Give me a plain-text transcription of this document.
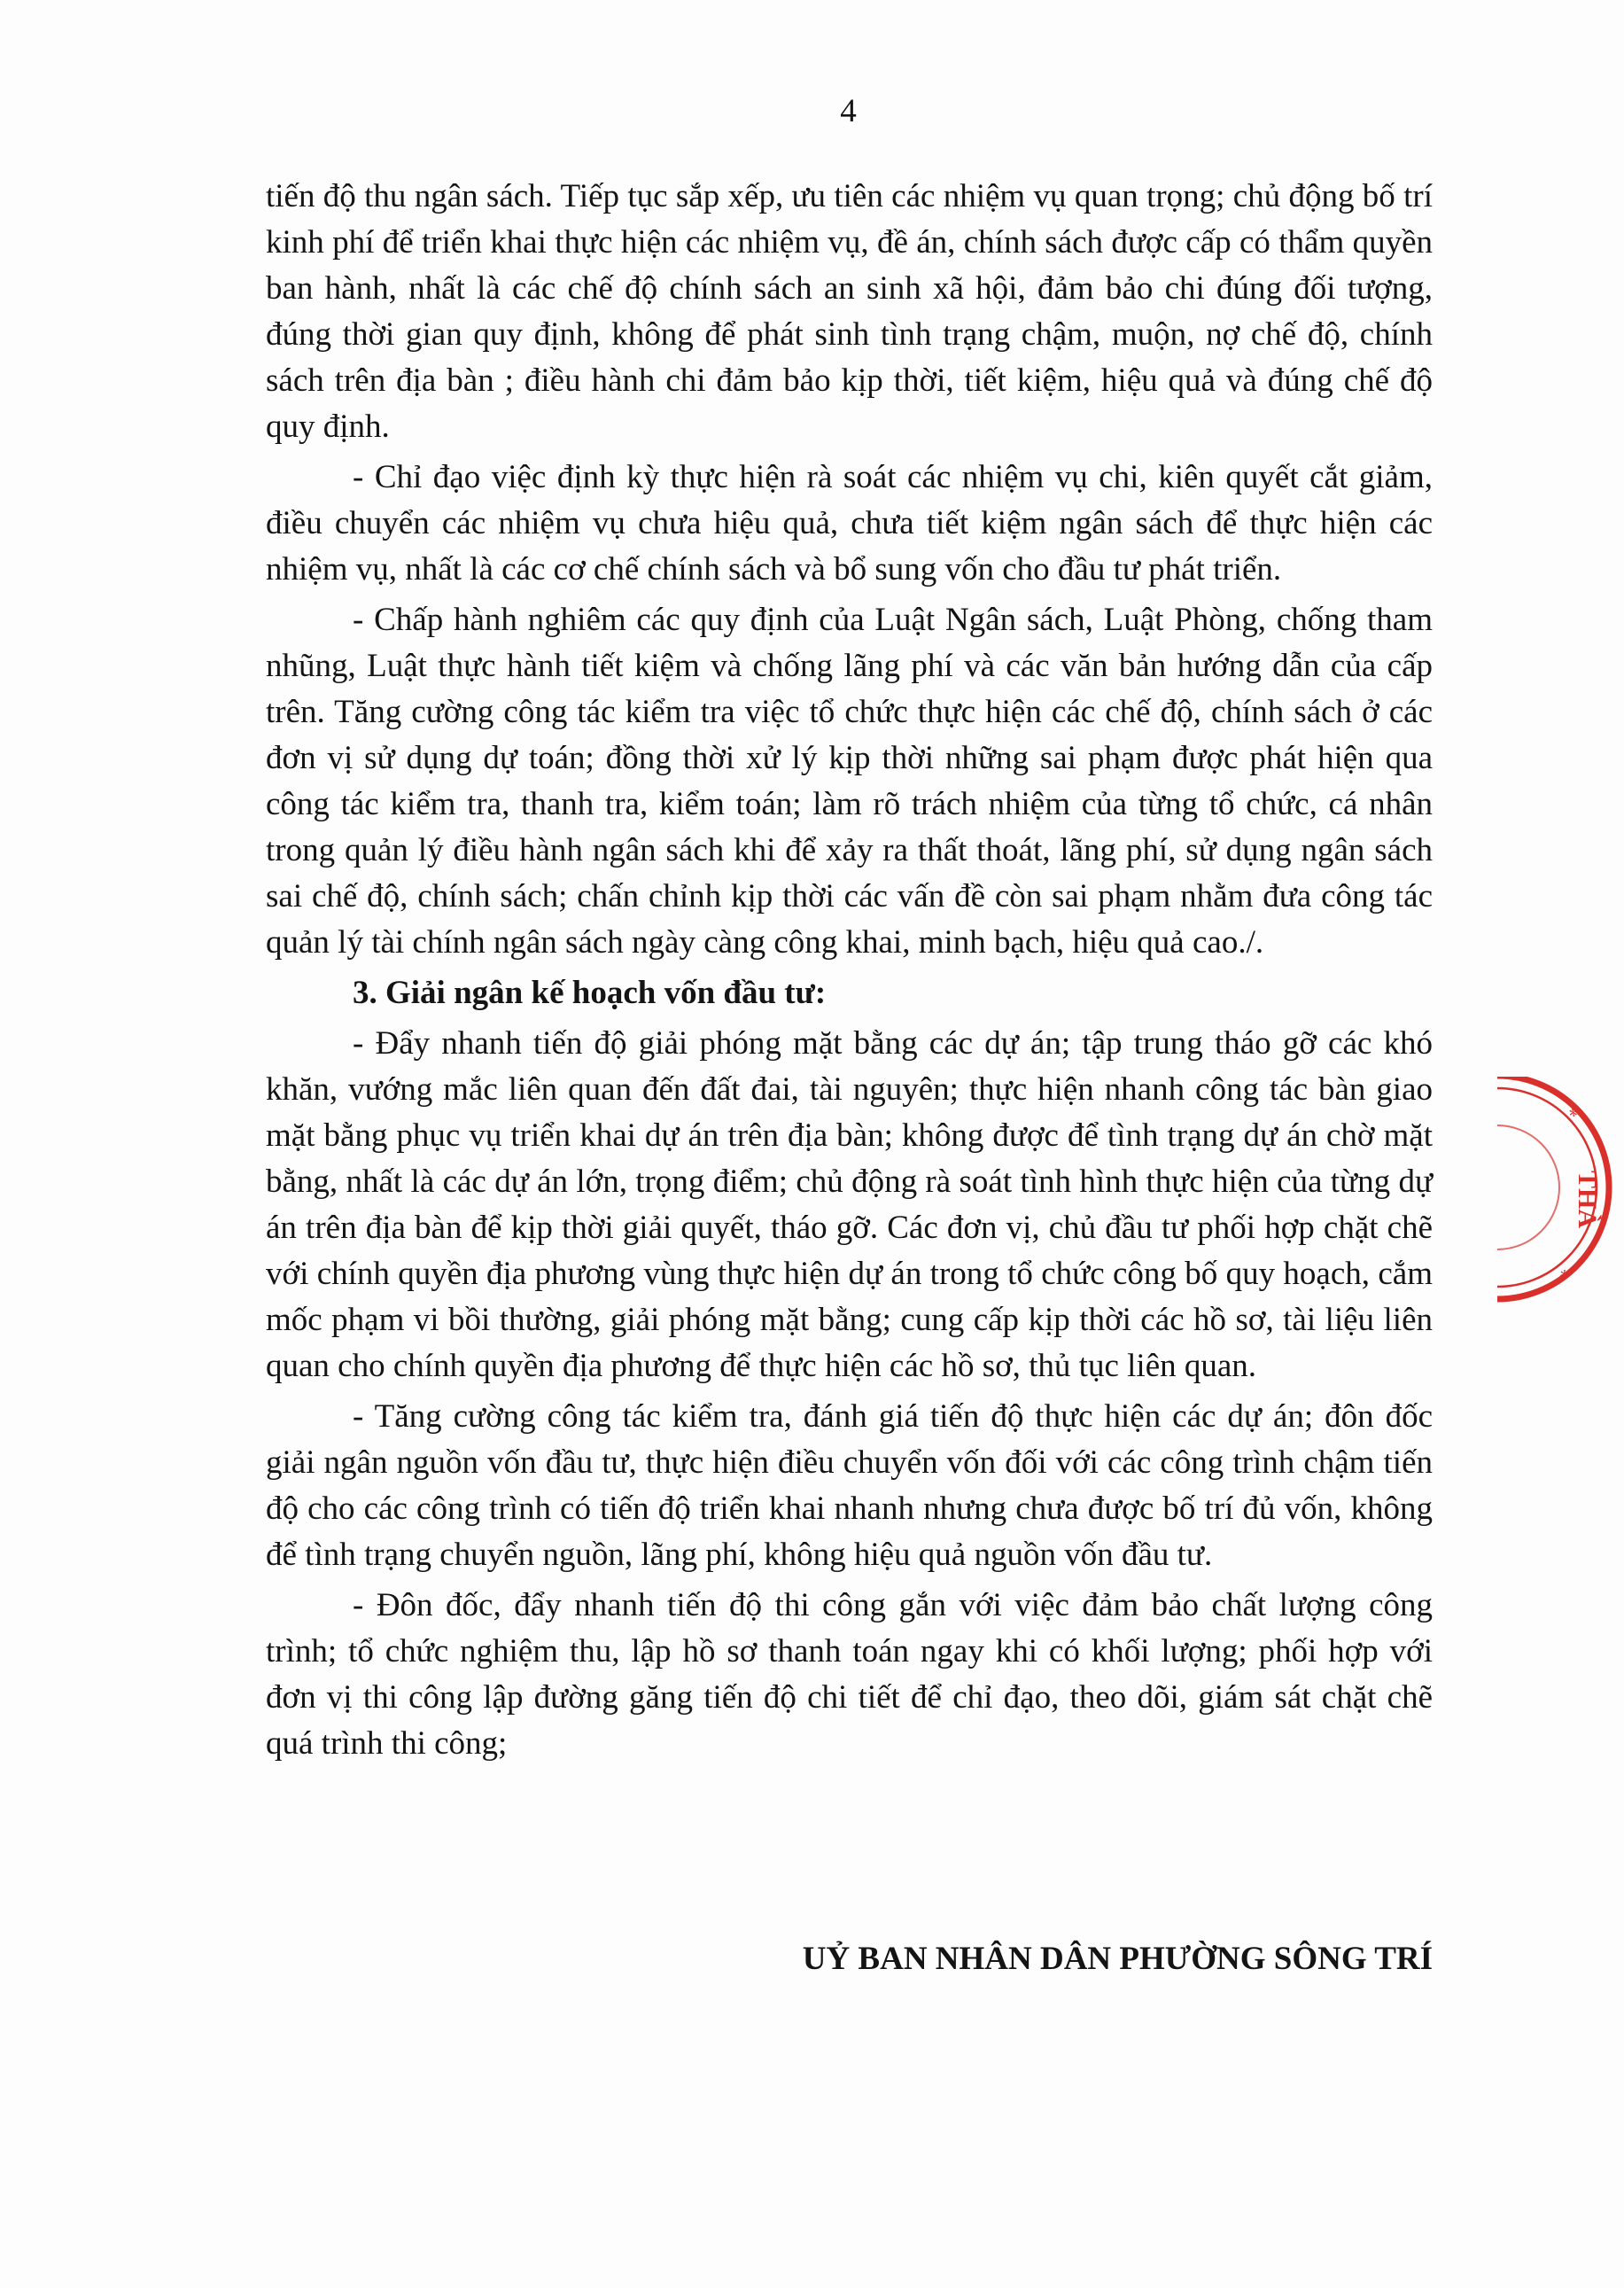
4

tiến độ thu ngân sách. Tiếp tục sắp xếp, ưu tiên các nhiệm vụ quan trọng; chủ động bố trí kinh phí để triển khai thực hiện các nhiệm vụ, đề án, chính sách được cấp có thẩm quyền ban hành, nhất là các chế độ chính sách an sinh xã hội, đảm bảo chi đúng đối tượng, đúng thời gian quy định, không để phát sinh tình trạng chậm, muộn, nợ chế độ, chính sách trên địa bàn ; điều hành chi đảm bảo kịp thời, tiết kiệm, hiệu quả và đúng chế độ quy định.

- Chỉ đạo việc định kỳ thực hiện rà soát các nhiệm vụ chi, kiên quyết cắt giảm, điều chuyển các nhiệm vụ chưa hiệu quả, chưa tiết kiệm ngân sách để thực hiện các nhiệm vụ, nhất là các cơ chế chính sách và bổ sung vốn cho đầu tư phát triển.

- Chấp hành nghiêm các quy định của Luật Ngân sách, Luật Phòng, chống tham nhũng, Luật thực hành tiết kiệm và chống lãng phí và các văn bản hướng dẫn của cấp trên. Tăng cường công tác kiểm tra việc tổ chức thực hiện các chế độ, chính sách ở các đơn vị sử dụng dự toán; đồng thời xử lý kịp thời những sai phạm được phát hiện qua công tác kiểm tra, thanh tra, kiểm toán; làm rõ trách nhiệm của từng tổ chức, cá nhân trong quản lý điều hành ngân sách khi để xảy ra thất thoát, lãng phí, sử dụng ngân sách sai chế độ, chính sách; chấn chỉnh kịp thời các vấn đề còn sai phạm nhằm đưa công tác quản lý tài chính ngân sách ngày càng công khai, minh bạch, hiệu quả cao./.

3. Giải ngân kế hoạch vốn đầu tư:

- Đẩy nhanh tiến độ giải phóng mặt bằng các dự án; tập trung tháo gỡ các khó khăn, vướng mắc liên quan đến đất đai, tài nguyên; thực hiện nhanh công tác bàn giao mặt bằng phục vụ triển khai dự án trên địa bàn; không được để tình trạng dự án chờ mặt bằng, nhất là các dự án lớn, trọng điểm; chủ động rà soát tình hình thực hiện của từng dự án trên địa bàn để kịp thời giải quyết, tháo gỡ. Các đơn vị, chủ đầu tư phối hợp chặt chẽ với chính quyền địa phương vùng thực hiện dự án trong tổ chức công bố quy hoạch, cắm mốc phạm vi bồi thường, giải phóng mặt bằng; cung cấp kịp thời các hồ sơ, tài liệu liên quan cho chính quyền địa phương để thực hiện các hồ sơ, thủ tục liên quan.

- Tăng cường công tác kiểm tra, đánh giá tiến độ thực hiện các dự án; đôn đốc giải ngân nguồn vốn đầu tư, thực hiện điều chuyển vốn đối với các công trình chậm tiến độ cho các công trình có tiến độ triển khai nhanh nhưng chưa được bố trí đủ vốn, không để tình trạng chuyển nguồn, lãng phí, không hiệu quả nguồn vốn đầu tư.

- Đôn đốc, đẩy nhanh tiến độ thi công gắn với việc đảm bảo chất lượng công trình; tổ chức nghiệm thu, lập hồ sơ thanh toán ngay khi có khối lượng; phối hợp với đơn vị thi công lập đường găng tiến độ chi tiết để chỉ đạo, theo dõi, giám sát chặt chẽ quá trình thi công;

UỶ BAN NHÂN DÂN PHƯỜNG SÔNG TRÍ
THÀ
*
*
